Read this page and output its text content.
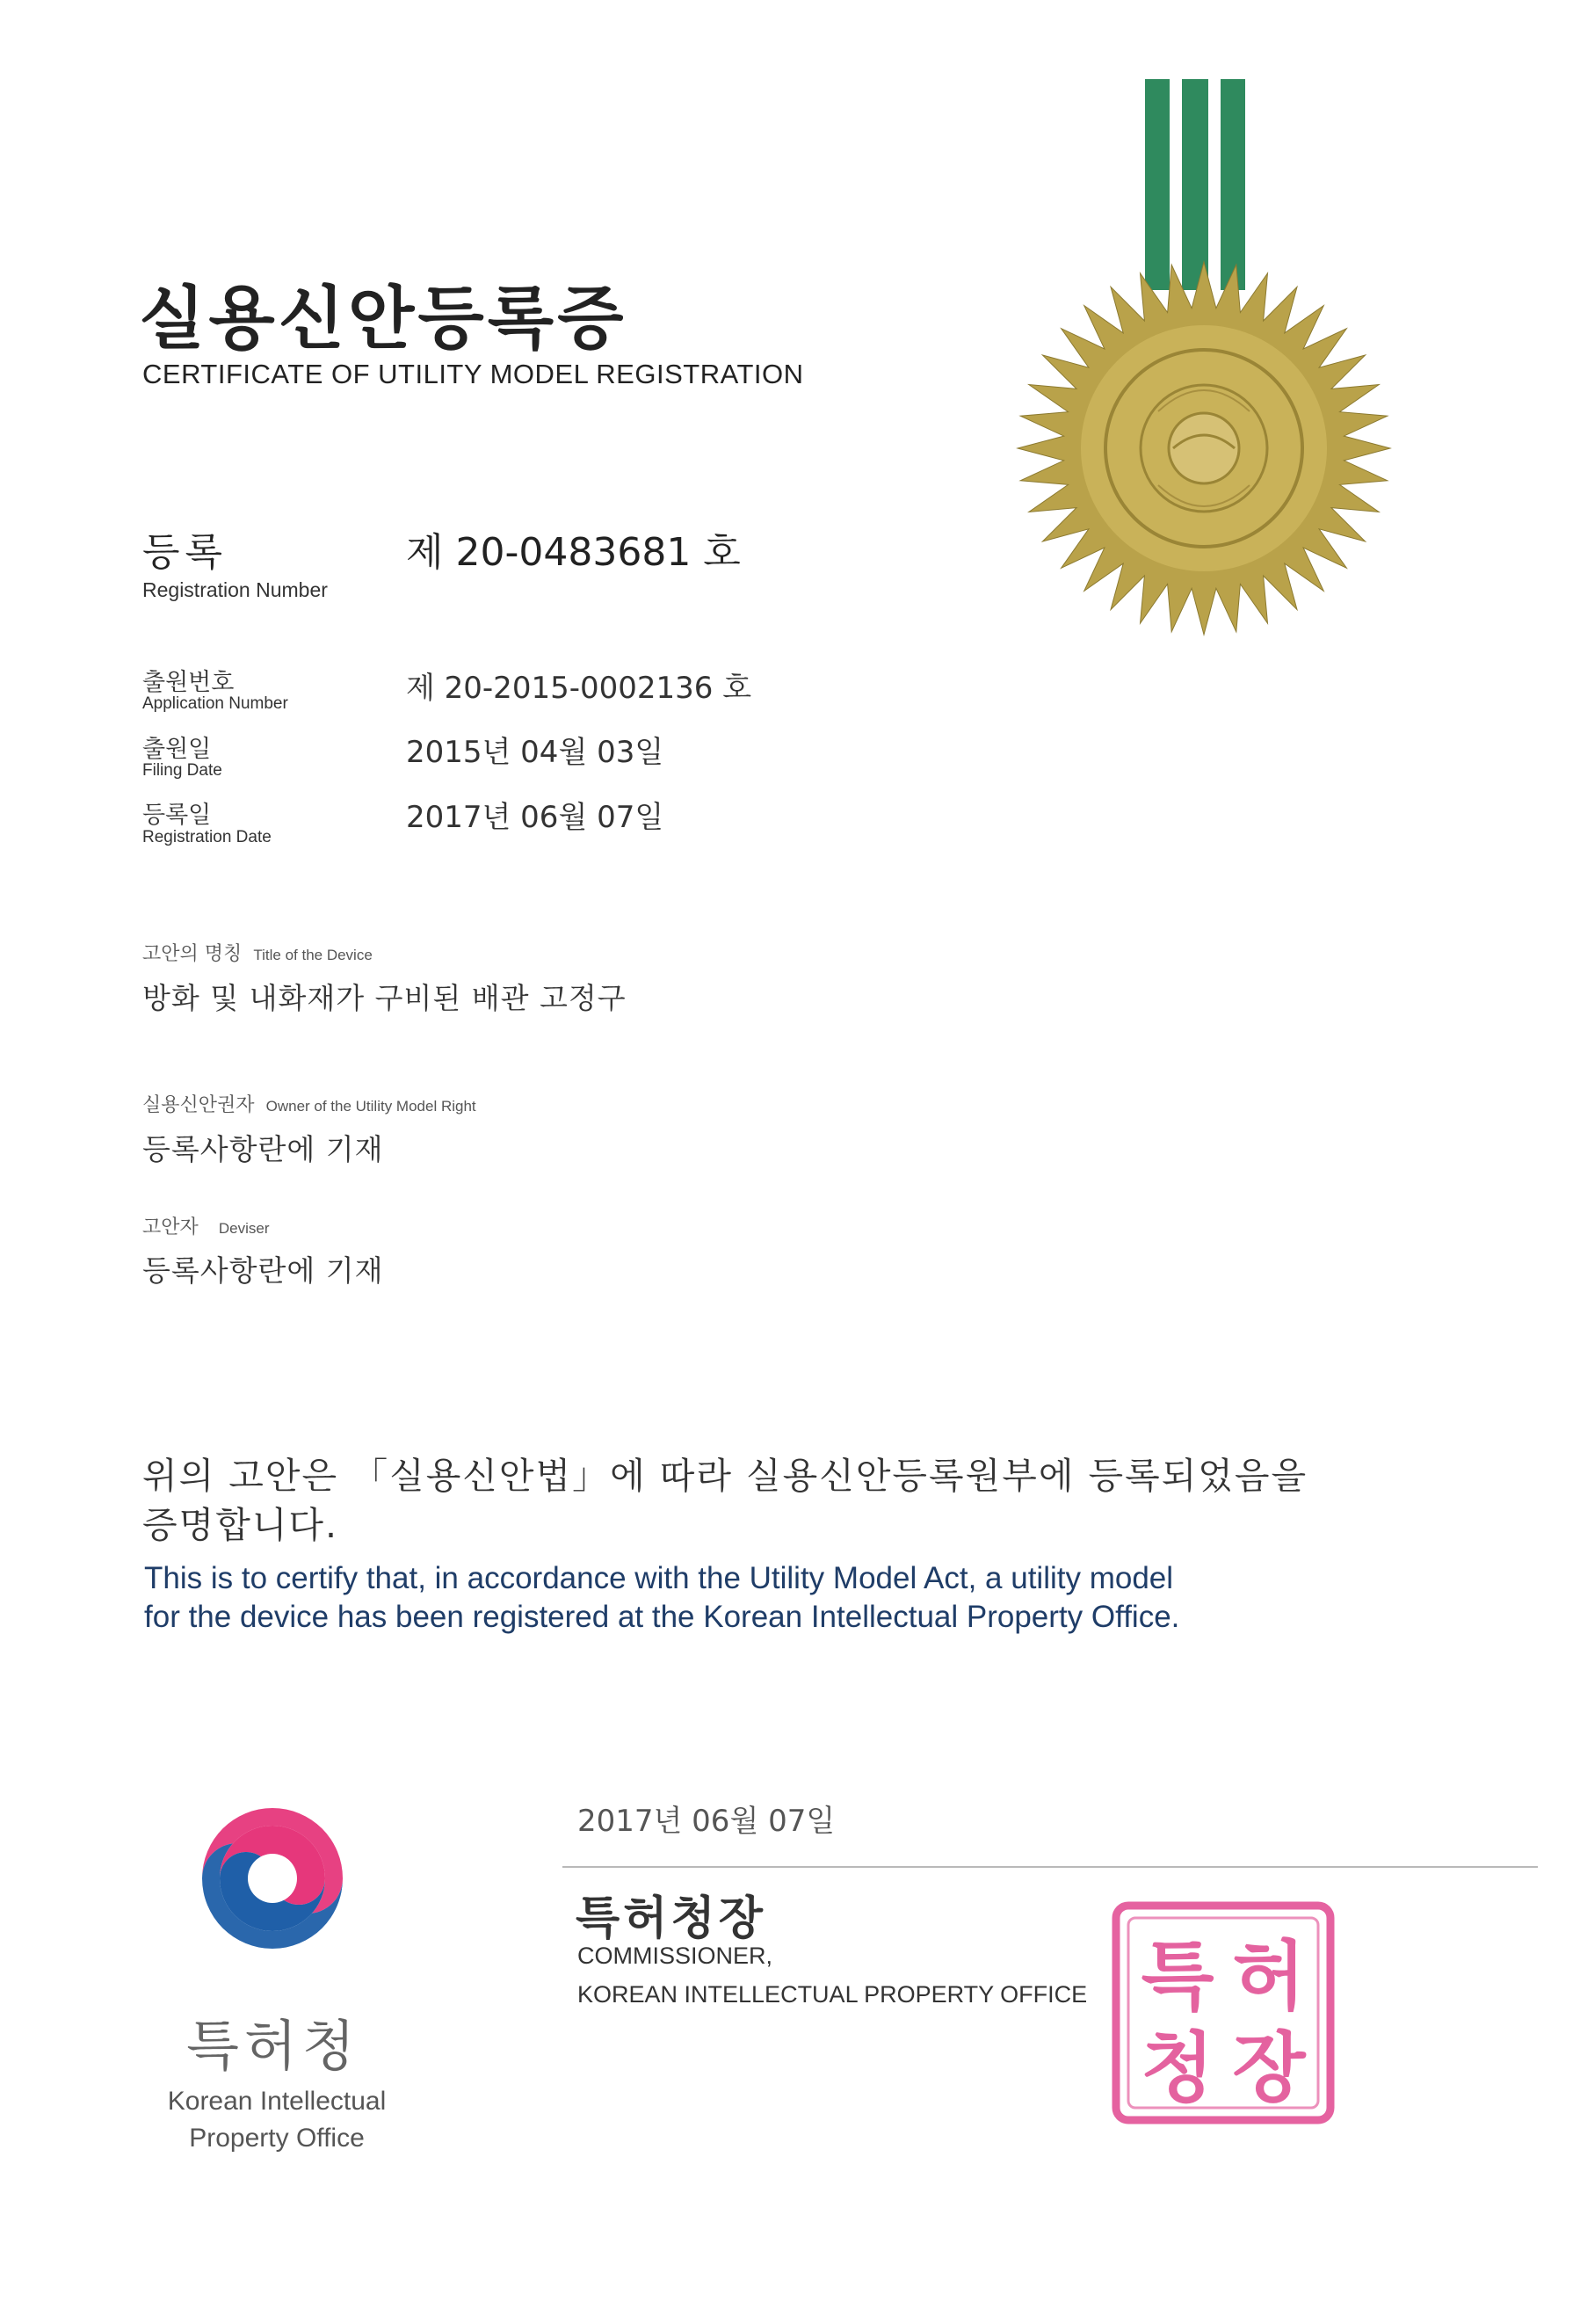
실용신안등록증
CERTIFICATE OF UTILITY MODEL REGISTRATION
등록
Registration Number
제 20-0483681 호
출원번호
Application Number	제 20-2015-0002136 호
출원일
Filing Date
2015년 04월 03일
등록일
Registration Date
2017년 06월 07일
고안의 명칭 Title of the Device
방화 및 내화재가 구비된 배관 고정구
실용신안권자 Owner of the Utility Model Right
등록사항란에 기재
고안자 Deviser
등록사항란에 기재
위의 고안은 「실용신안법」에 따라 실용신안등록원부에 등록되었음을
증명합니다.
This is to certify that, in accordance with the Utility Model Act, a utility model
for the device has been registered at the Korean Intellectual Property Office.
특허청
Korean Intellectual Property Office
2017년 06월 07일
특허청장
COMMISSIONER,
KOREAN INTELLECTUAL PROPERTY OFFICE 특 허
청 장
